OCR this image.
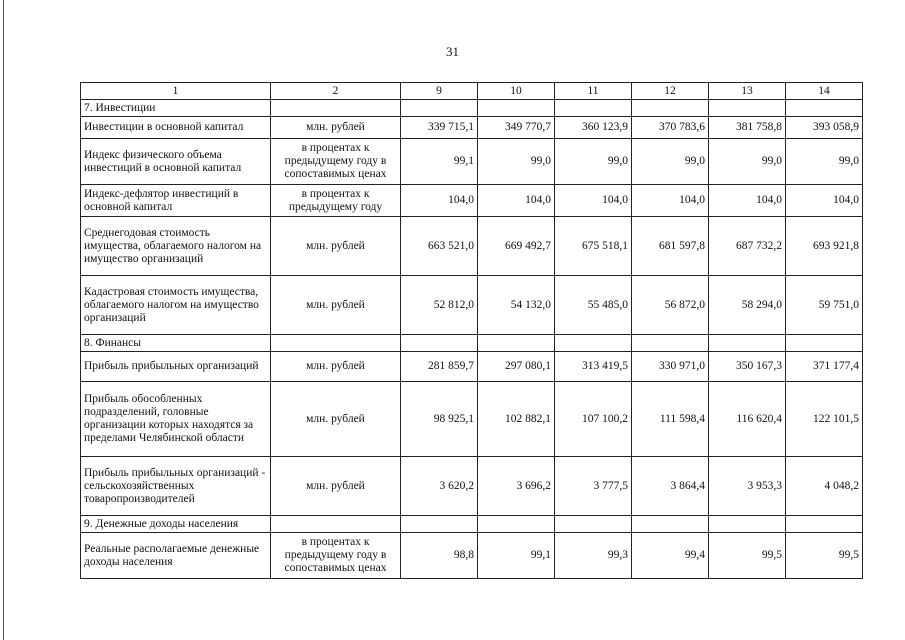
31
1	2	9	10	11	12	13	14
7. Инвестиции							
Инвестиции в основной капитал	млн. рублей	339 715,1	349 770,7	360 123,9	370 783,6	381 758,8	393 058,9
Индекс физического объема инвестиций в основной капитал	в процентах к предыдущему году в сопоставимых ценах	99,1	99,0	99,0	99,0	99,0	99,0
Индекс-дефлятор инвестиций в основной капитал	в процентах к предыдущему году	104,0	104,0	104,0	104,0	104,0	104,0
Среднегодовая стоимость имущества, облагаемого налогом на имущество организаций	млн. рублей	663 521,0	669 492,7	675 518,1	681 597,8	687 732,2	693 921,8
Кадастровая стоимость имущества, облагаемого налогом на имущество организаций	млн. рублей	52 812,0	54 132,0	55 485,0	56 872,0	58 294,0	59 751,0
8. Финансы							
Прибыль прибыльных организаций	млн. рублей	281 859,7	297 080,1	313 419,5	330 971,0	350 167,3	371 177,4
Прибыль обособленных подразделений, головные организации которых находятся за пределами Челябинской области	млн. рублей	98 925,1	102 882,1	107 100,2	111 598,4	116 620,4	122 101,5
Прибыль прибыльных организаций - сельскохозяйственных товаропроизводителей	млн. рублей	3 620,2	3 696,2	3 777,5	3 864,4	3 953,3	4 048,2
9. Денежные доходы населения							
Реальные располагаемые денежные доходы населения	в процентах к предыдущему году в сопоставимых ценах	98,8	99,1	99,3	99,4	99,5	99,5
